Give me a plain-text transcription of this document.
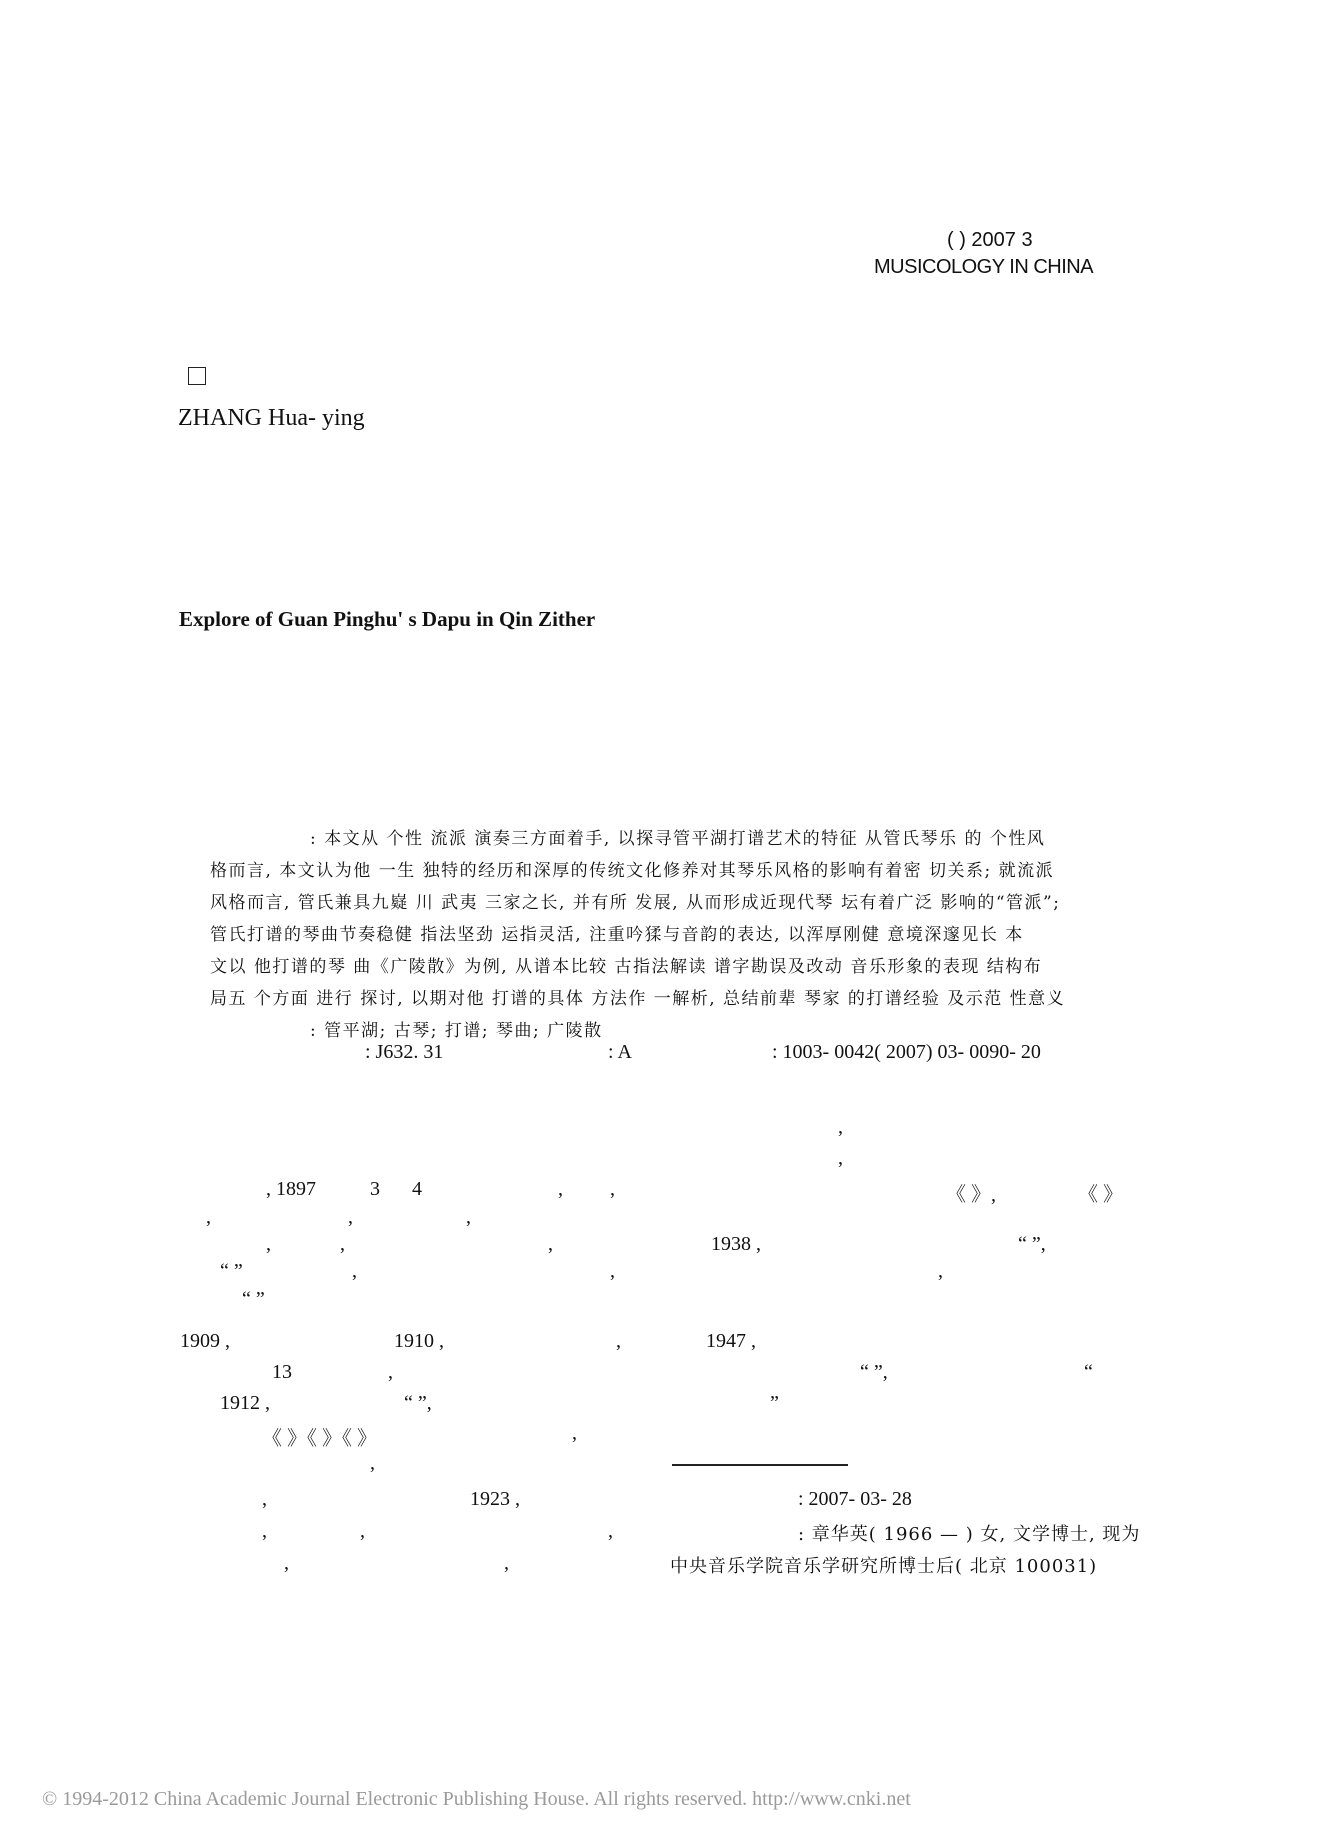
( ) 2007 3
MUSICOLOGY IN CHINA
ZHANG Hua- ying
Explore of Guan Pinghu' s Dapu in Qin Zither
: 本文从 个性 流派 演奏三方面着手, 以探寻管平湖打谱艺术的特征 从管氏琴乐 的 个性风
格而言, 本文认为他 一生 独特的经历和深厚的传统文化修养对其琴乐风格的影响有着密 切关系; 就流派
风格而言, 管氏兼具九嶷 川 武夷 三家之长, 并有所 发展, 从而形成近现代琴 坛有着广泛 影响的“管派”;
管氏打谱的琴曲节奏稳健 指法坚劲 运指灵活, 注重吟猱与音韵的表达, 以浑厚刚健 意境深邃见长 本
文以 他打谱的琴 曲《广陵散》为例, 从谱本比较 古指法解读 谱字勘误及改动 音乐形象的表现 结构布
局五 个方面 进行 探讨, 以期对他 打谱的具体 方法作 一解析, 总结前辈 琴家 的打谱经验 及示范 性意义
: 管平湖; 古琴; 打谱; 琴曲; 广陵散
: J632. 31	: A	: 1003- 0042( 2007) 03- 0090- 20
,
,
, 1897	3 4	, ,	《 》,	《 》
,	,	,
,	,	,	1938 ,	“ ”,
“ ”	,	,	,
“ ”
1909 ,	1910 ,	,	1947 ,
13	,	“ ”,	“
1912 ,	“ ”,	”
《 》《 》《 》	,
,
,	1923 ,
,	,	,
,	,
: 2007- 03- 28
: 章华英( 1966 — ) 女, 文学博士, 现为
中央音乐学院音乐学研究所博士后( 北京 100031)
© 1994-2012 China Academic Journal Electronic Publishing House. All rights reserved. http://www.cnki.net
